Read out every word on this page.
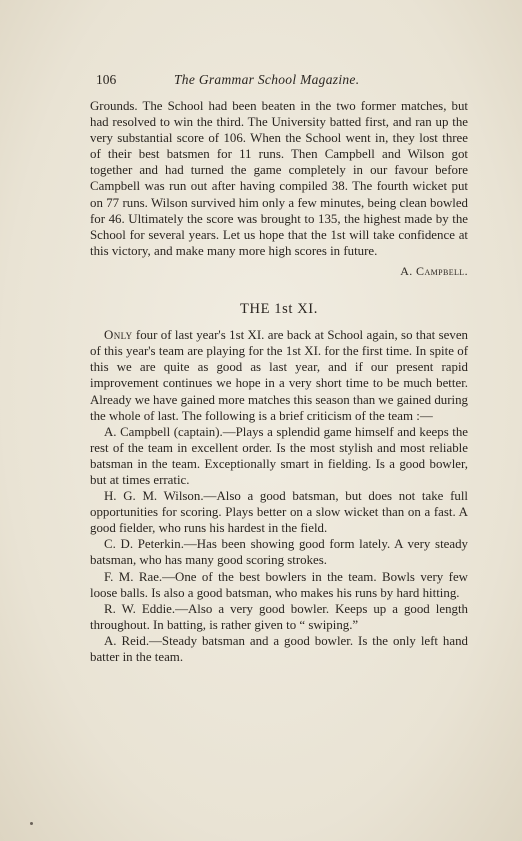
106	The Grammar School Magazine.

Grounds. The School had been beaten in the two former matches, but had resolved to win the third. The University batted first, and ran up the very substantial score of 106. When the School went in, they lost three of their best batsmen for 11 runs. Then Campbell and Wilson got together and had turned the game completely in our favour before Campbell was run out after having compiled 38. The fourth wicket put on 77 runs. Wilson survived him only a few minutes, being clean bowled for 46. Ultimately the score was brought to 135, the highest made by the School for several years. Let us hope that the 1st will take confidence at this victory, and make many more high scores in future.

A. Campbell.
THE 1st XI.

Only four of last year's 1st XI. are back at School again, so that seven of this year's team are playing for the 1st XI. for the first time. In spite of this we are quite as good as last year, and if our present rapid improvement continues we hope in a very short time to be much better. Already we have gained more matches this season than we gained during the whole of last. The following is a brief criticism of the team :—

A. Campbell (captain).—Plays a splendid game himself and keeps the rest of the team in excellent order. Is the most stylish and most reliable batsman in the team. Exceptionally smart in fielding. Is a good bowler, but at times erratic.

H. G. M. Wilson.—Also a good batsman, but does not take full opportunities for scoring. Plays better on a slow wicket than on a fast. A good fielder, who runs his hardest in the field.

C. D. Peterkin.—Has been showing good form lately. A very steady batsman, who has many good scoring strokes.

F. M. Rae.—One of the best bowlers in the team. Bowls very few loose balls. Is also a good batsman, who makes his runs by hard hitting.

R. W. Eddie.—Also a very good bowler. Keeps up a good length throughout. In batting, is rather given to “ swiping.”

A. Reid.—Steady batsman and a good bowler. Is the only left hand batter in the team.
